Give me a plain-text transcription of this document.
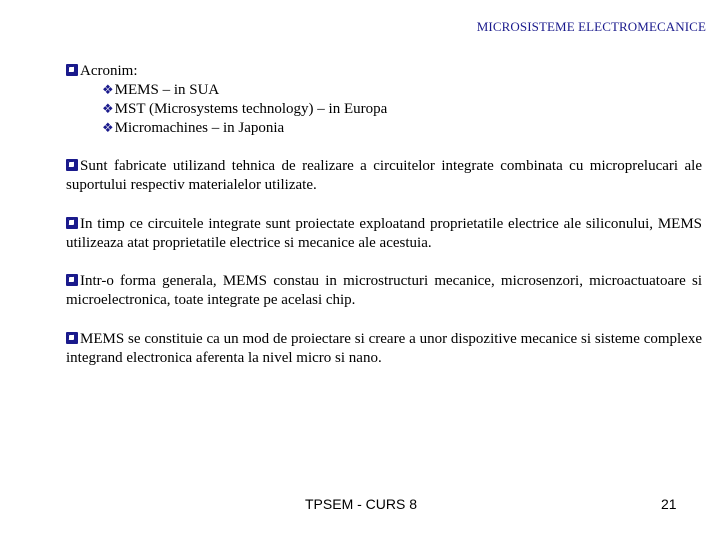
MICROSISTEME ELECTROMECANICE
Acronim:
❖MEMS – in SUA
❖MST (Microsystems technology) – in Europa
❖Micromachines – in Japonia
Sunt fabricate utilizand tehnica de realizare a circuitelor integrate combinata cu microprelucari ale suportului respectiv materialelor utilizate.
In timp ce circuitele integrate sunt proiectate exploatand proprietatile electrice ale siliconului, MEMS utilizeaza atat proprietatile electrice si mecanice ale acestuia.
Intr-o forma generala, MEMS constau in microstructuri mecanice, microsenzori, microactuatoare si microelectronica, toate integrate pe acelasi chip.
MEMS se constituie ca un mod de proiectare si creare a unor dispozitive mecanice si sisteme complexe integrand electronica aferenta la nivel micro si nano.
TPSEM - CURS 8	21
